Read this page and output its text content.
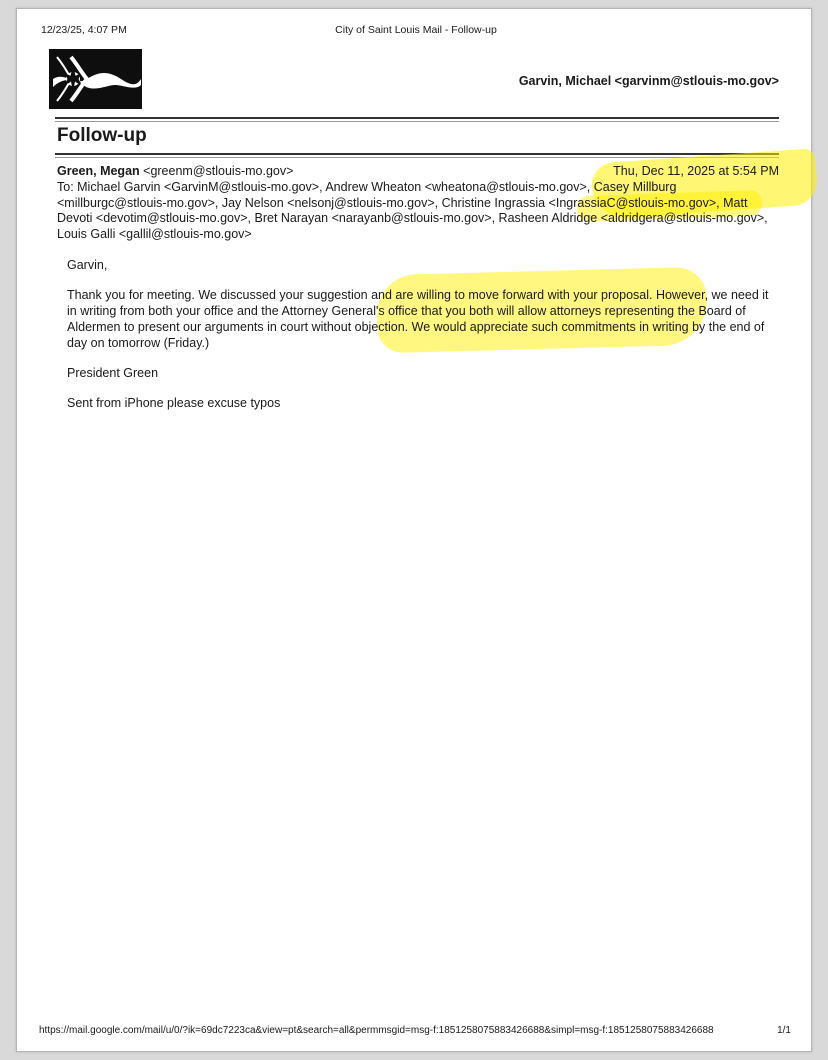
12/23/25, 4:07 PM	City of Saint Louis Mail - Follow-up
Garvin, Michael <garvinm@stlouis-mo.gov>
Follow-up
Green, Megan <greenm@stlouis-mo.gov>	Thu, Dec 11, 2025 at 5:54 PM

To: Michael Garvin <GarvinM@stlouis-mo.gov>, Andrew Wheaton <wheatona@stlouis-mo.gov>, Casey Millburg <millburgc@stlouis-mo.gov>, Jay Nelson <nelsonj@stlouis-mo.gov>, Christine Ingrassia <IngrassiaC@stlouis-mo.gov>, Matt Devoti <devotim@stlouis-mo.gov>, Bret Narayan <narayanb@stlouis-mo.gov>, Rasheen Aldridge <aldridgera@stlouis-mo.gov>, Louis Galli <gallil@stlouis-mo.gov>

Garvin,

Thank you for meeting. We discussed your suggestion and are willing to move forward with your proposal. However, we need it in writing from both your office and the Attorney General's office that you both will allow attorneys representing the Board of Aldermen to present our arguments in court without objection. We would appreciate such commitments in writing by the end of day on tomorrow (Friday.)

President Green

Sent from iPhone please excuse typos

https://mail.google.com/mail/u/0/?ik=69dc7223ca&view=pt&search=all&permmsgid=msg-f:1851258075883426688&simpl=msg-f:1851258075883426688	1/1
